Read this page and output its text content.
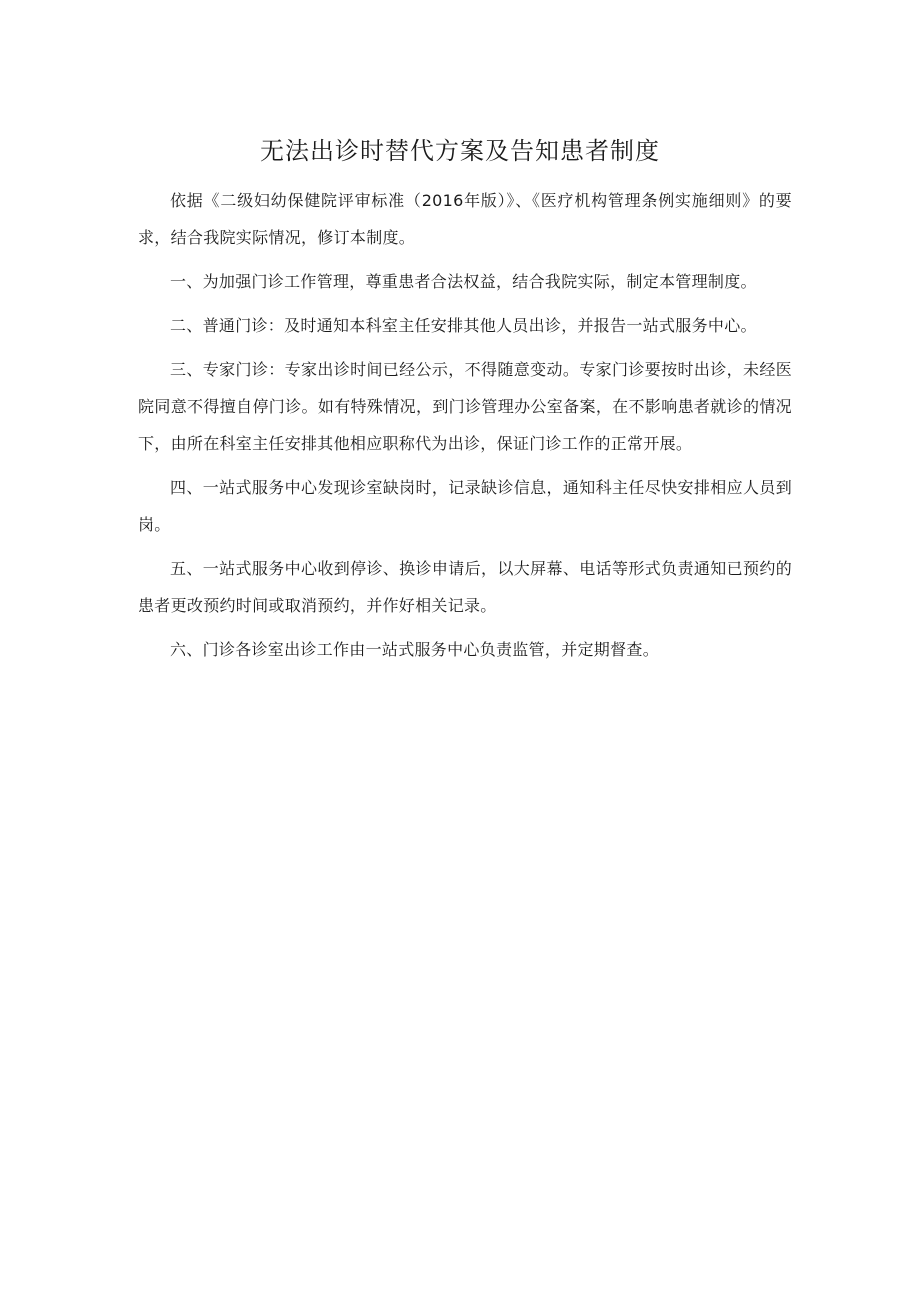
无法出诊时替代方案及告知患者制度

依据《二级妇幼保健院评审标准（2016年版）》、《医疗机构管理条例实施细则》的要求，结合我院实际情况，修订本制度。

一、为加强门诊工作管理，尊重患者合法权益，结合我院实际，制定本管理制度。

二、普通门诊：及时通知本科室主任安排其他人员出诊，并报告一站式服务中心。

三、专家门诊：专家出诊时间已经公示，不得随意变动。专家门诊要按时出诊，未经医院同意不得擅自停门诊。如有特殊情况，到门诊管理办公室备案，在不影响患者就诊的情况下，由所在科室主任安排其他相应职称代为出诊，保证门诊工作的正常开展。

四、一站式服务中心发现诊室缺岗时，记录缺诊信息，通知科主任尽快安排相应人员到岗。

五、一站式服务中心收到停诊、换诊申请后，以大屏幕、电话等形式负责通知已预约的患者更改预约时间或取消预约，并作好相关记录。

六、门诊各诊室出诊工作由一站式服务中心负责监管，并定期督查。
